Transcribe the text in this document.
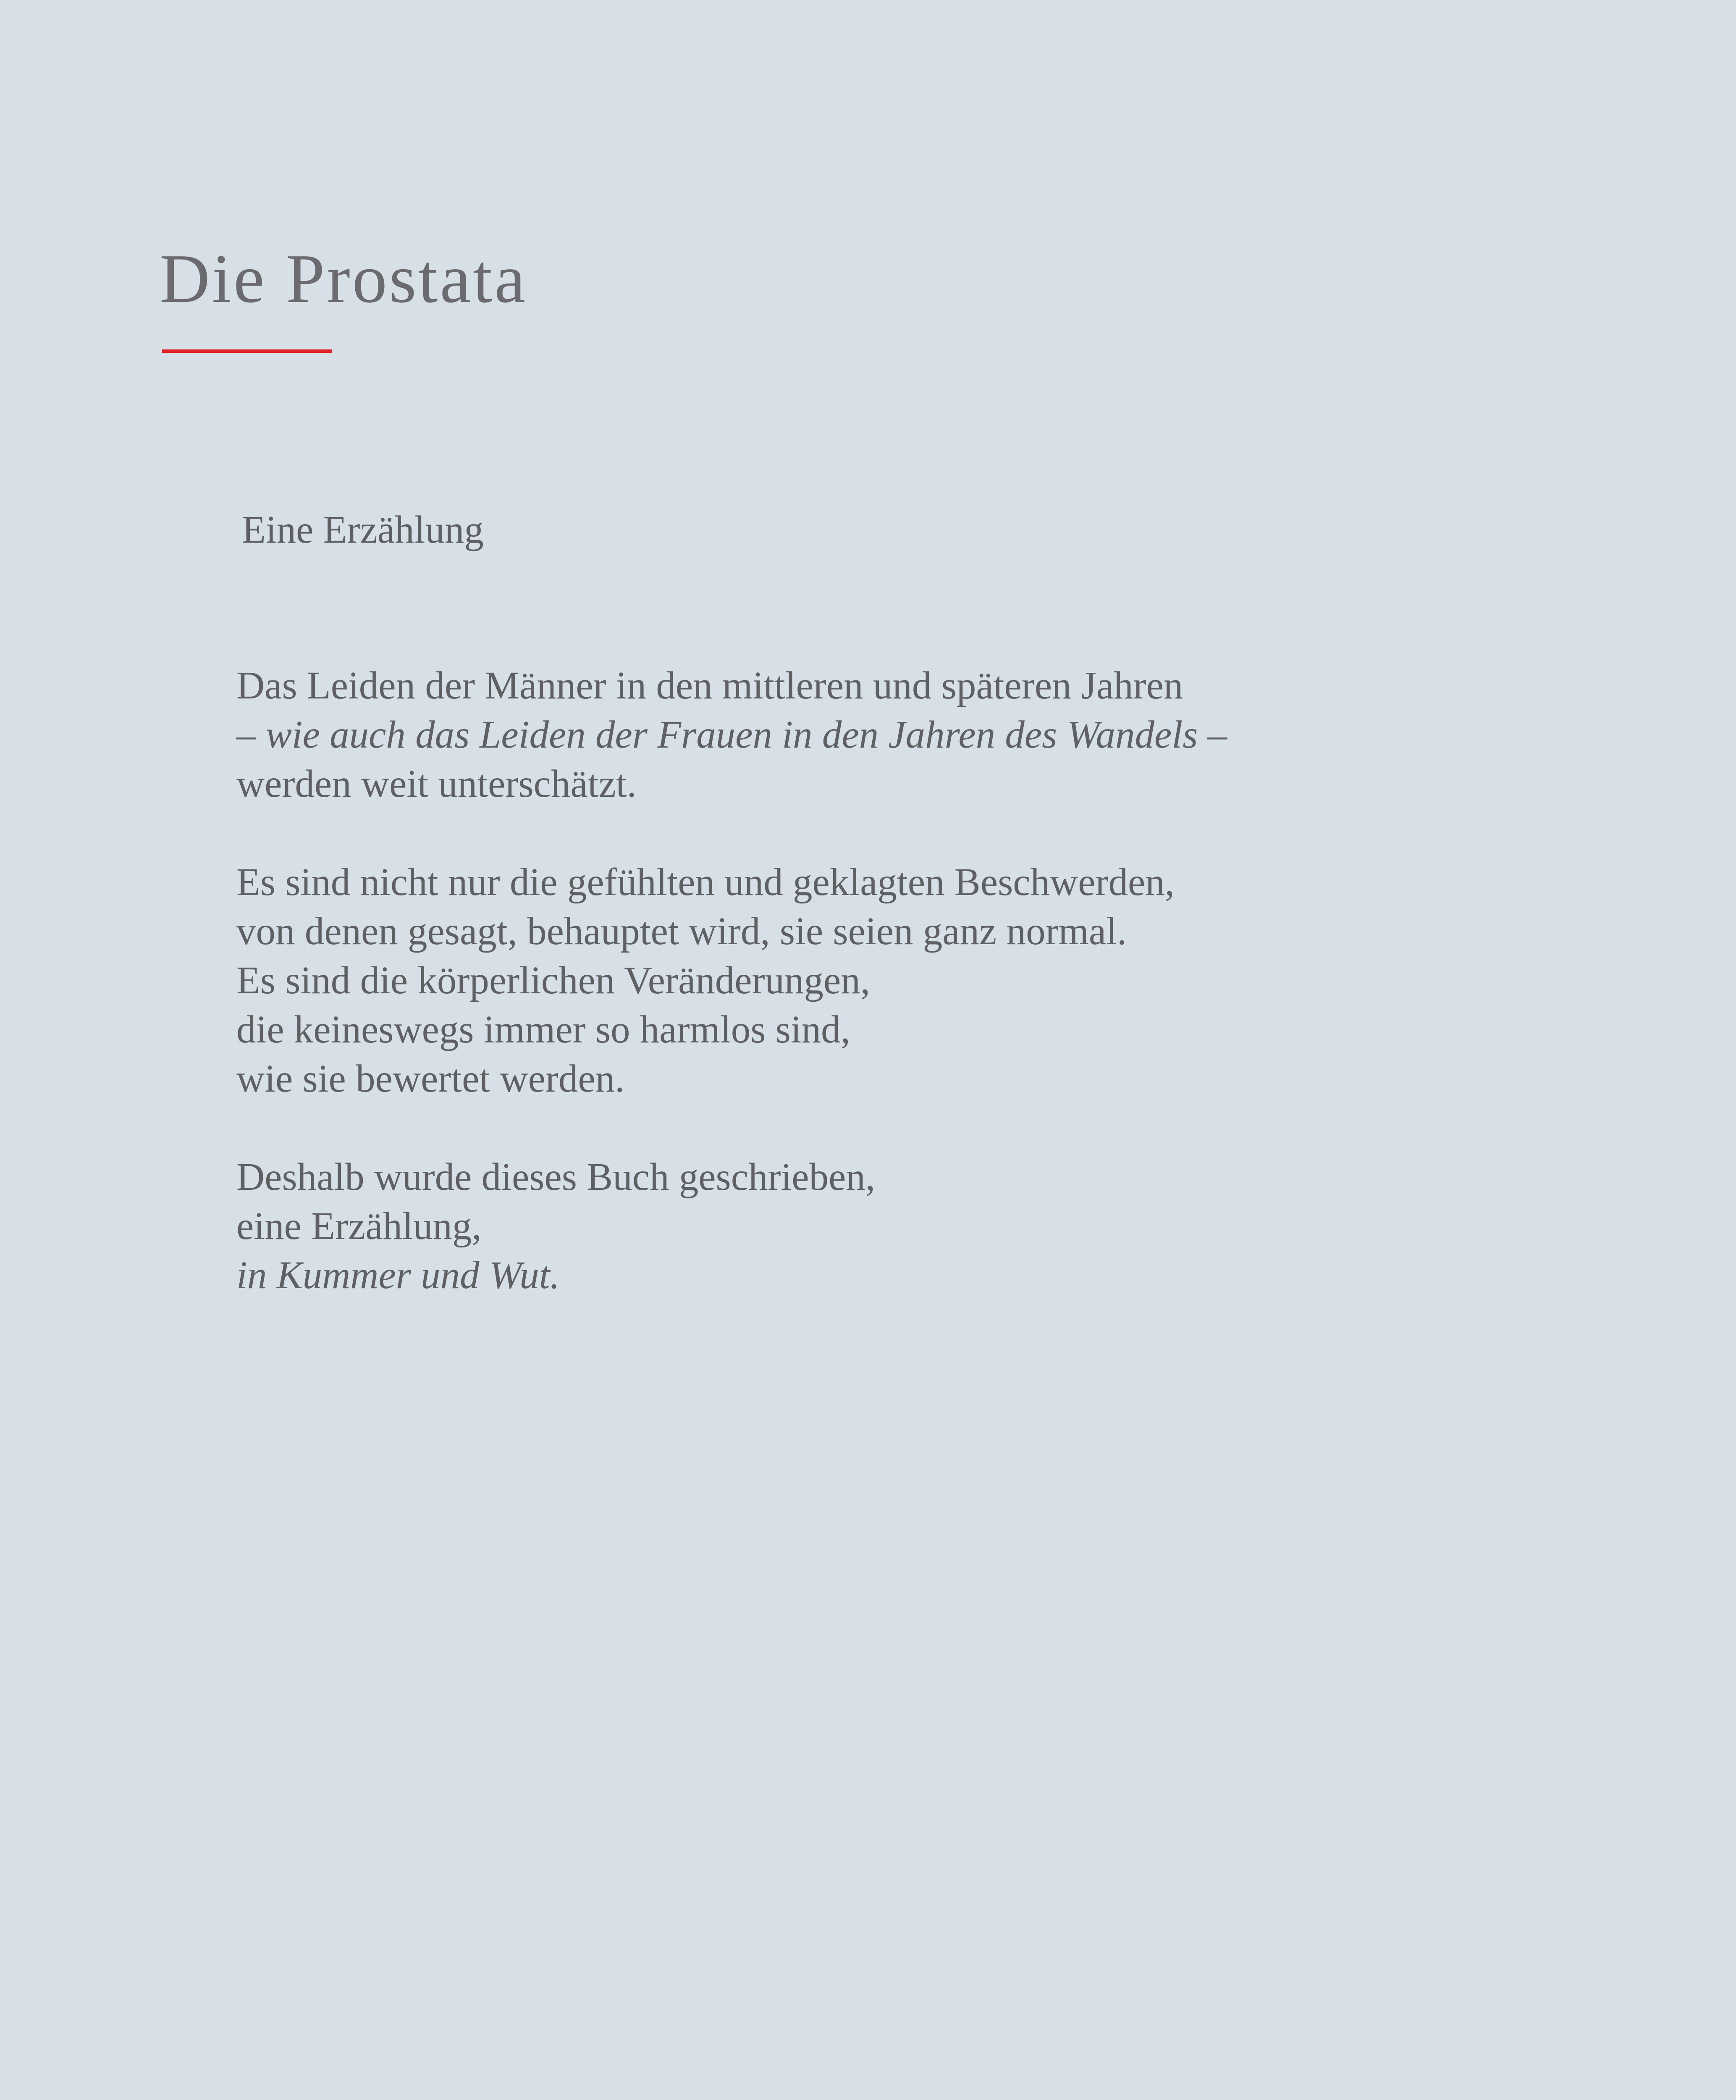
Die Prostata
Eine Erzählung
Das Leiden der Männer in den mittleren und späteren Jahren
– wie auch das Leiden der Frauen in den Jahren des Wandels –
werden weit unterschätzt.
Es sind nicht nur die gefühlten und geklagten Beschwerden,
von denen gesagt, behauptet wird, sie seien ganz normal.
Es sind die körperlichen Veränderungen,
die keineswegs immer so harmlos sind,
wie sie bewertet werden.
Deshalb wurde dieses Buch geschrieben,
eine Erzählung,
in Kummer und Wut.
